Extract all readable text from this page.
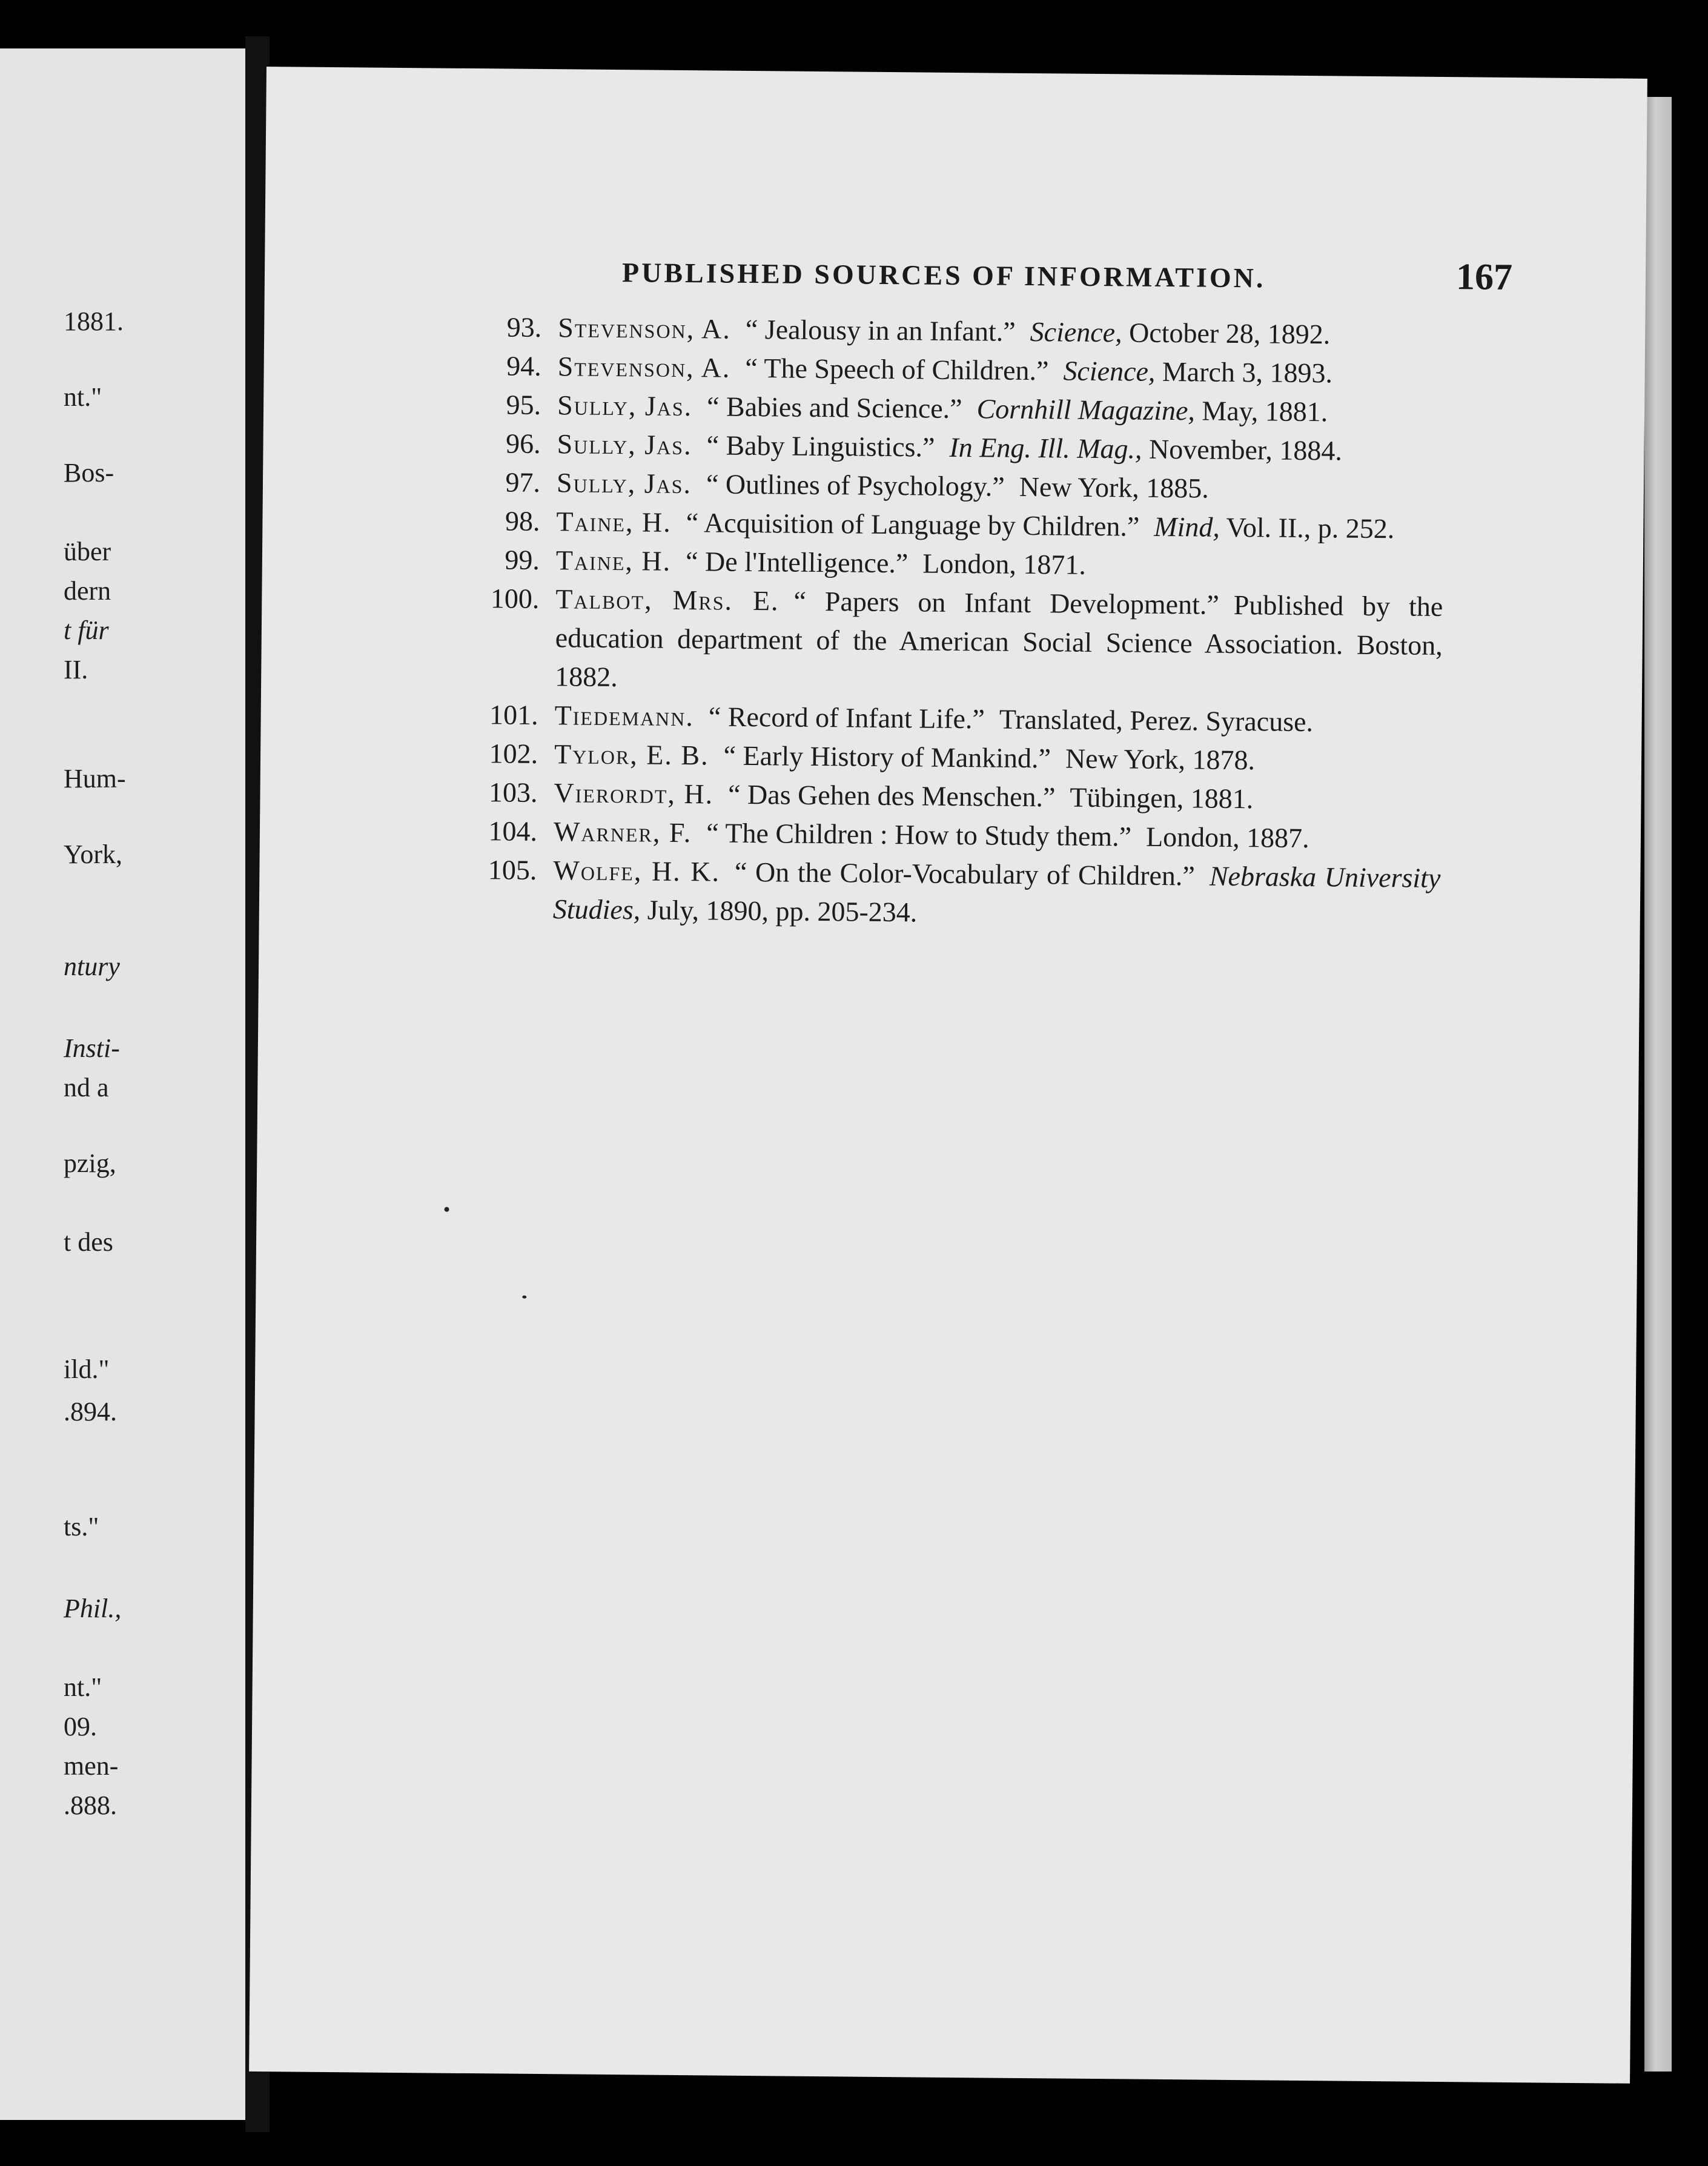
1881.
nt."
Bos-
über
dern
t für
II.
Hum-
York,
ntury
Insti-
nd a
pzig,
t des
ild."
.894.
ts."
Phil.,
nt."
09.
men-
.888.
PUBLISHED SOURCES OF INFORMATION.	167
93. Stevenson, A. “ Jealousy in an Infant.” Science, October 28, 1892.
94. Stevenson, A. “ The Speech of Children.” Science, March 3, 1893.
95. Sully, Jas. “ Babies and Science.” Cornhill Magazine, May, 1881.
96. Sully, Jas. “ Baby Linguistics.” In Eng. Ill. Mag., November, 1884.
97. Sully, Jas. “ Outlines of Psychology.” New York, 1885.
98. Taine, H. “ Acquisition of Language by Children.” Mind, Vol. II., p. 252.
99. Taine, H. “ De l'Intelligence.” London, 1871.
100. Talbot, Mrs. E. “ Papers on Infant Development.” Published by the education department of the American Social Science Association. Boston, 1882.
101. Tiedemann. “ Record of Infant Life.” Translated, Perez. Syracuse.
102. Tylor, E. B. “ Early History of Mankind.” New York, 1878.
103. Vierordt, H. “ Das Gehen des Menschen.” Tübingen, 1881.
104. Warner, F. “ The Children : How to Study them.” London, 1887.
105. Wolfe, H. K. “ On the Color-Vocabulary of Children.” Nebraska University Studies, July, 1890, pp. 205-234.
